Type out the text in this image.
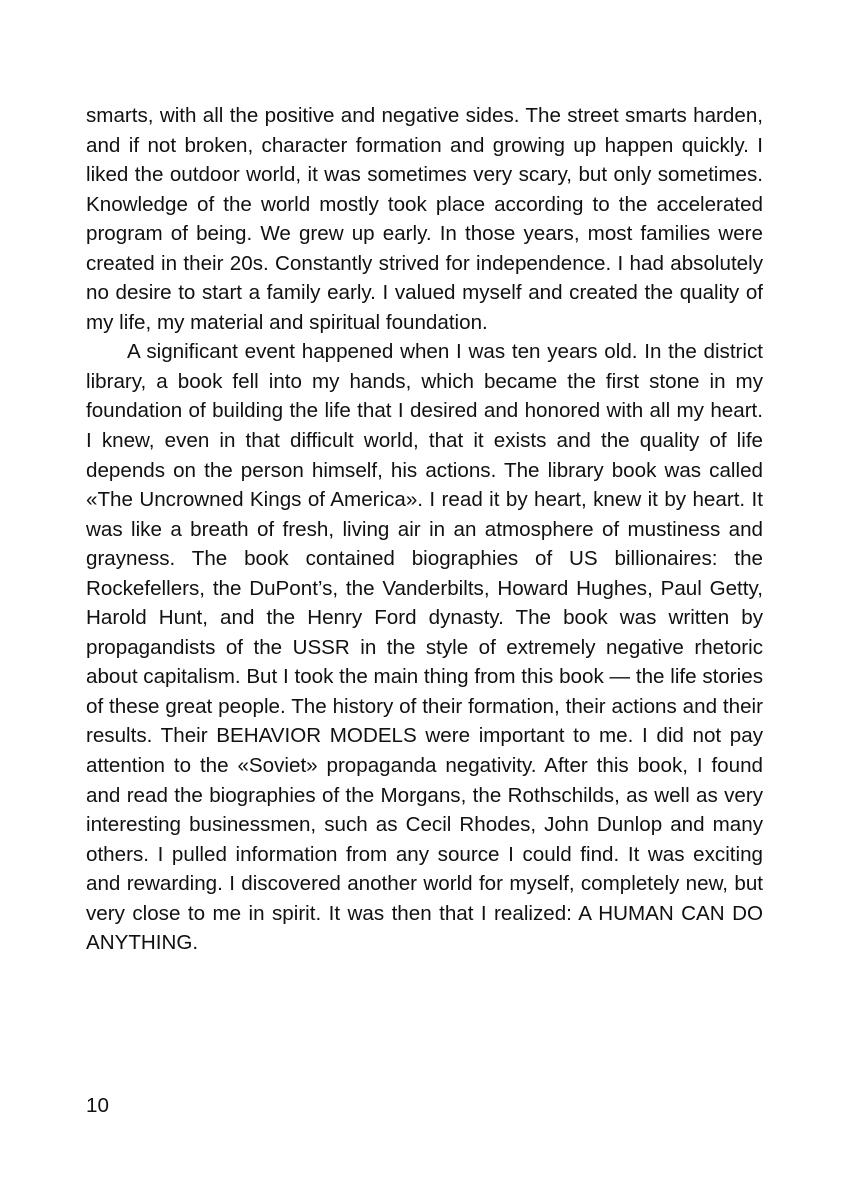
smarts, with all the positive and negative sides. The street smarts harden, and if not broken, character formation and growing up happen quickly. I liked the outdoor world, it was sometimes very scary, but only sometimes. Knowledge of the world mostly took place according to the accelerated program of being. We grew up early. In those years, most families were created in their 20s. Constantly strived for independence. I had absolutely no desire to start a family early. I valued myself and created the quality of my life, my material and spiritual foundation.

A significant event happened when I was ten years old. In the district library, a book fell into my hands, which became the first stone in my foundation of building the life that I desired and honored with all my heart. I knew, even in that difficult world, that it exists and the quality of life depends on the person himself, his actions. The library book was called «The Uncrowned Kings of America». I read it by heart, knew it by heart. It was like a breath of fresh, living air in an atmosphere of mustiness and grayness. The book contained biographies of US billionaires: the Rockefellers, the DuPont’s, the Vanderbilts, Howard Hughes, Paul Getty, Harold Hunt, and the Henry Ford dynasty. The book was written by propagandists of the USSR in the style of extremely negative rhetoric about capitalism. But I took the main thing from this book — the life stories of these great people. The history of their formation, their actions and their results. Their BEHAVIOR MODELS were important to me. I did not pay attention to the «Soviet» propaganda negativity. After this book, I found and read the biographies of the Morgans, the Rothschilds, as well as very interesting businessmen, such as Cecil Rhodes, John Dunlop and many others. I pulled information from any source I could find. It was exciting and rewarding. I discovered another world for myself, completely new, but very close to me in spirit. It was then that I realized: A HUMAN CAN DO ANYTHING.

10
